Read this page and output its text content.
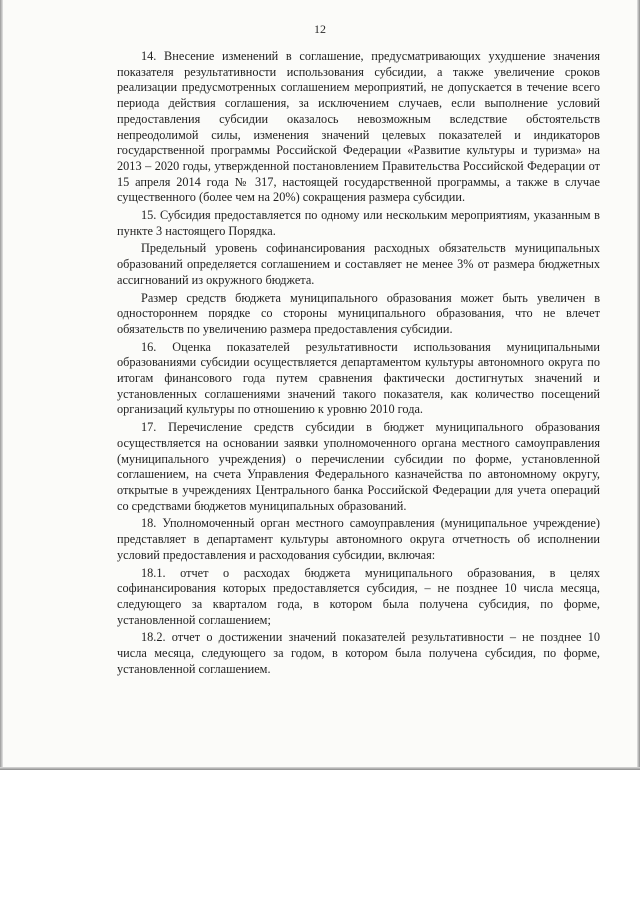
12

14. Внесение изменений в соглашение, предусматривающих ухудшение значения показателя результативности использования субсидии, а также увеличение сроков реализации предусмотренных соглашением мероприятий, не допускается в течение всего периода действия соглашения, за исключением случаев, если выполнение условий предоставления субсидии оказалось невозможным вследствие обстоятельств непреодолимой силы, изменения значений целевых показателей и индикаторов государственной программы Российской Федерации «Развитие культуры и туризма» на 2013 – 2020 годы, утвержденной постановлением Правительства Российской Федерации от 15 апреля 2014 года № 317, настоящей государственной программы, а также в случае существенного (более чем на 20%) сокращения размера субсидии.

15. Субсидия предоставляется по одному или нескольким мероприятиям, указанным в пункте 3 настоящего Порядка.

Предельный уровень софинансирования расходных обязательств муниципальных образований определяется соглашением и составляет не менее 3% от размера бюджетных ассигнований из окружного бюджета.

Размер средств бюджета муниципального образования может быть увеличен в одностороннем порядке со стороны муниципального образования, что не влечет обязательств по увеличению размера предоставления субсидии.

16. Оценка показателей результативности использования муниципальными образованиями субсидии осуществляется департаментом культуры автономного округа по итогам финансового года путем сравнения фактически достигнутых значений и установленных соглашениями значений такого показателя, как количество посещений организаций культуры по отношению к уровню 2010 года.

17. Перечисление средств субсидии в бюджет муниципального образования осуществляется на основании заявки уполномоченного органа местного самоуправления (муниципального учреждения) о перечислении субсидии по форме, установленной соглашением, на счета Управления Федерального казначейства по автономному округу, открытые в учреждениях Центрального банка Российской Федерации для учета операций со средствами бюджетов муниципальных образований.

18. Уполномоченный орган местного самоуправления (муниципальное учреждение) представляет в департамент культуры автономного округа отчетность об исполнении условий предоставления и расходования субсидии, включая:

18.1. отчет о расходах бюджета муниципального образования, в целях софинансирования которых предоставляется субсидия, – не позднее 10 числа месяца, следующего за кварталом года, в котором была получена субсидия, по форме, установленной соглашением;

18.2. отчет о достижении значений показателей результативности – не позднее 10 числа месяца, следующего за годом, в котором была получена субсидия, по форме, установленной соглашением.
